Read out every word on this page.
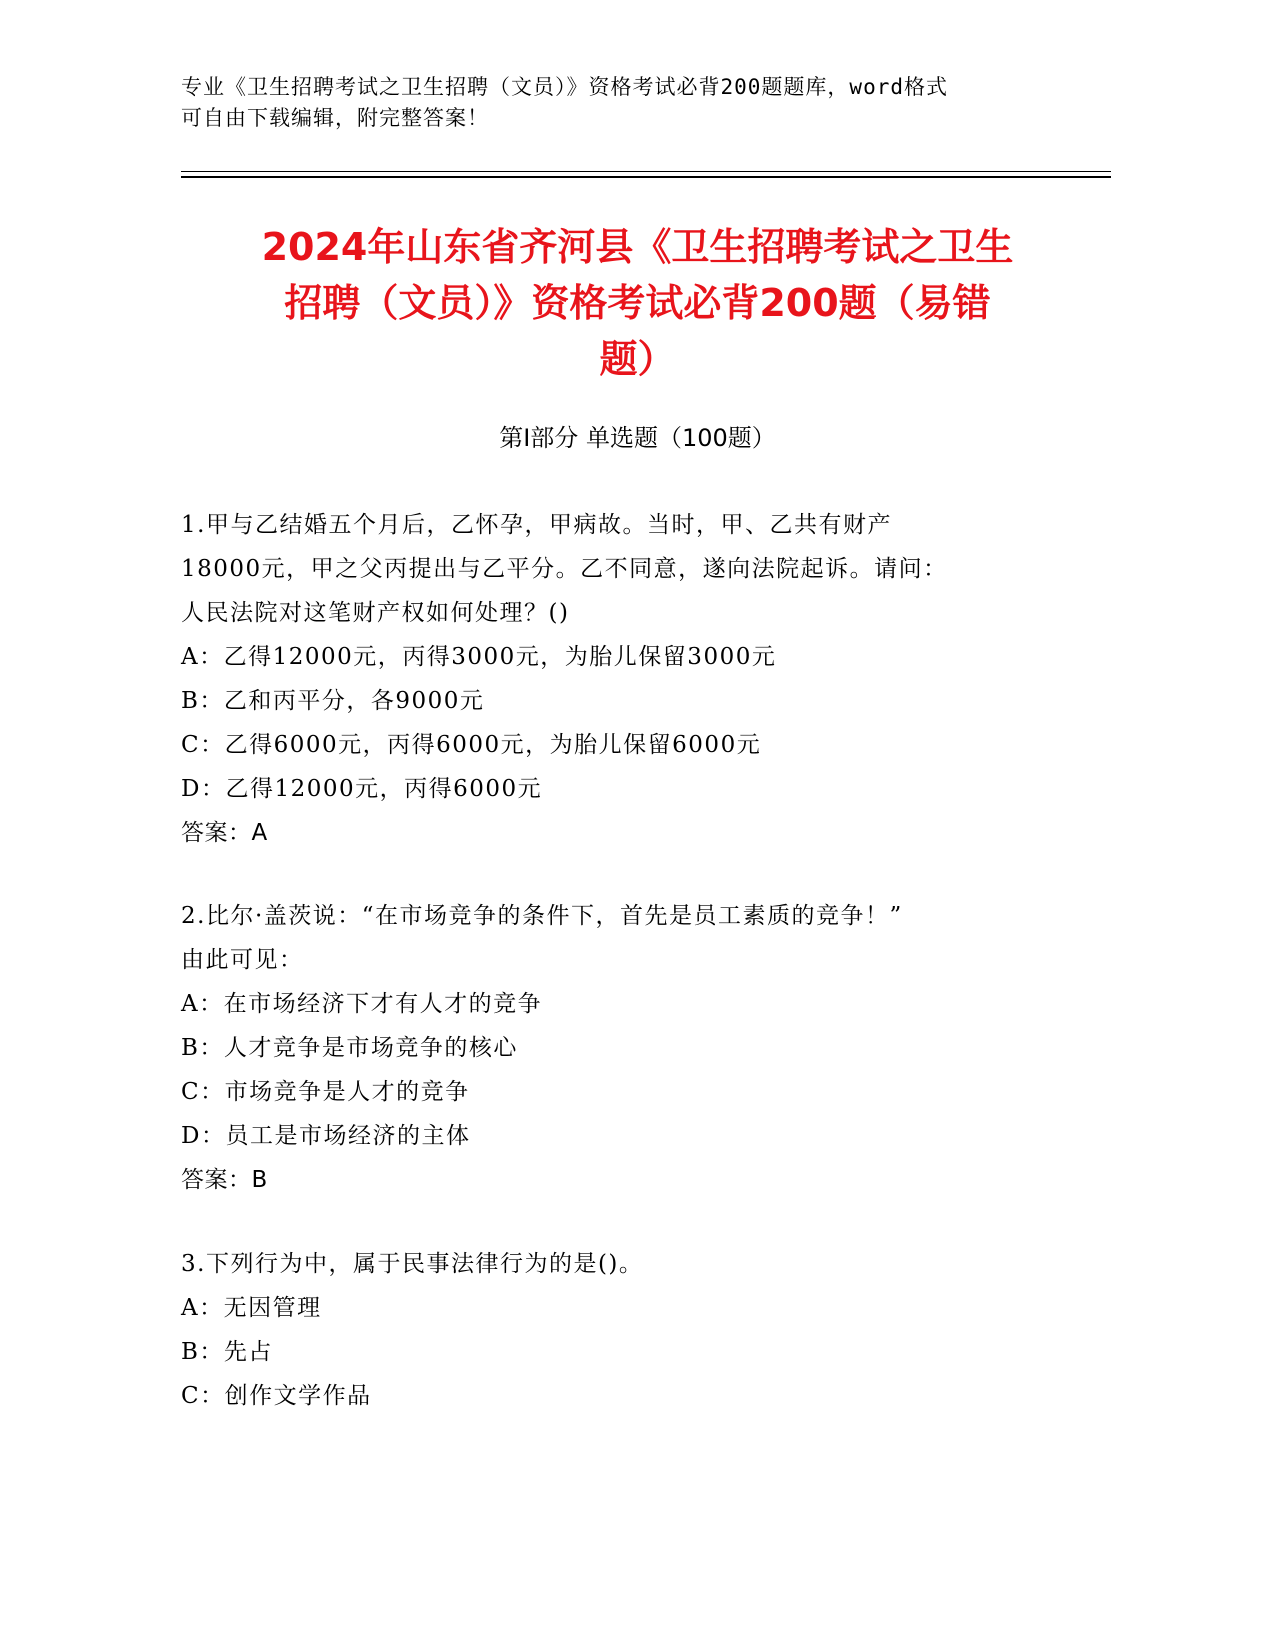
专业《卫生招聘考试之卫生招聘（文员）》资格考试必背200题题库，word格式
可自由下载编辑，附完整答案！
2024年山东省齐河县《卫生招聘考试之卫生
招聘（文员）》资格考试必背200题（易错
题）
第I部分 单选题（100题）
1.甲与乙结婚五个月后，乙怀孕，甲病故。当时，甲、乙共有财产
18000元，甲之父丙提出与乙平分。乙不同意，遂向法院起诉。请问：
人民法院对这笔财产权如何处理？()
A：乙得12000元，丙得3000元，为胎儿保留3000元
B：乙和丙平分，各9000元
C：乙得6000元，丙得6000元，为胎儿保留6000元
D：乙得12000元，丙得6000元
答案：A
2.比尔·盖茨说：“在市场竞争的条件下，首先是员工素质的竞争！”
由此可见：
A：在市场经济下才有人才的竞争
B：人才竞争是市场竞争的核心
C：市场竞争是人才的竞争
D：员工是市场经济的主体
答案：B
3.下列行为中，属于民事法律行为的是()。
A：无因管理
B：先占
C：创作文学作品
